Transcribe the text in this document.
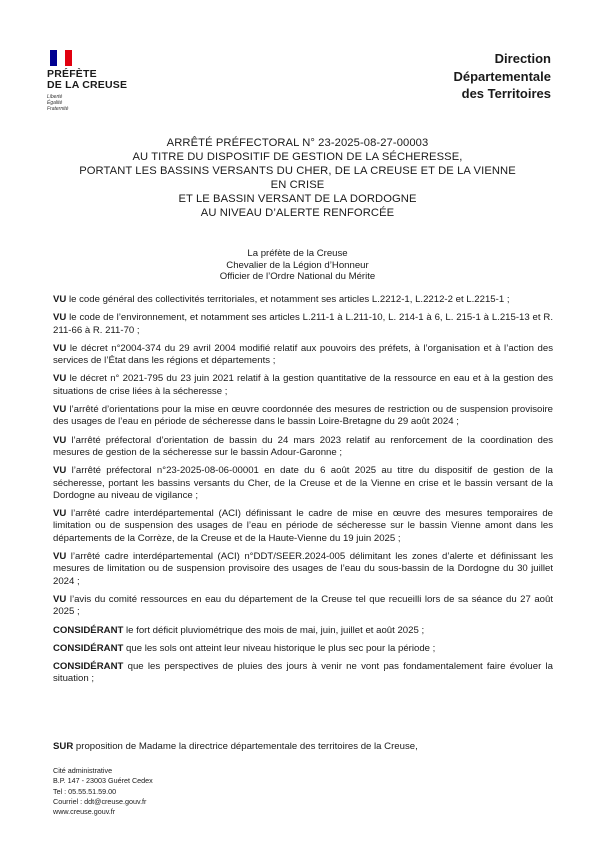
PRÉFÈTE
DE LA CREUSE
Liberté
Égalité
Fraternité
Direction
Départementale
des Territoires
ARRÊTÉ PRÉFECTORAL N° 23-2025-08-27-00003
AU TITRE DU DISPOSITIF DE GESTION DE LA SÉCHERESSE,
PORTANT LES BASSINS VERSANTS DU CHER, DE LA CREUSE ET DE LA VIENNE
EN CRISE
ET LE BASSIN VERSANT DE LA DORDOGNE
AU NIVEAU D’ALERTE RENFORCÉE
La préfète de la Creuse
Chevalier de la Légion d’Honneur
Officier de l’Ordre National du Mérite

VU le code général des collectivités territoriales, et notamment ses articles L.2212-1, L.2212-2 et L.2215-1 ;

VU le code de l’environnement, et notamment ses articles L.211-1 à L.211-10, L. 214-1 à 6, L. 215-1 à L.215-13 et R. 211-66 à R. 211-70 ;

VU le décret n°2004-374 du 29 avril 2004 modifié relatif aux pouvoirs des préfets, à l’organisation et à l’action des services de l’État dans les régions et départements ;

VU le décret n° 2021-795 du 23 juin 2021 relatif à la gestion quantitative de la ressource en eau et à la gestion des situations de crise liées à la sécheresse ;

VU l’arrêté d’orientations pour la mise en œuvre coordonnée des mesures de restriction ou de suspension provisoire des usages de l’eau en période de sécheresse dans le bassin Loire-Bretagne du 29 août 2024 ;

VU l’arrêté préfectoral d’orientation de bassin du 24 mars 2023 relatif au renforcement de la coordination des mesures de gestion de la sécheresse sur le bassin Adour-Garonne ;

VU l’arrêté préfectoral n°23-2025-08-06-00001 en date du 6 août 2025 au titre du dispositif de gestion de la sécheresse, portant les bassins versants du Cher, de la Creuse et de la Vienne en crise et le bassin versant de la Dordogne au niveau de vigilance ;

VU l’arrêté cadre interdépartemental (ACI) définissant le cadre de mise en œuvre des mesures temporaires de limitation ou de suspension des usages de l’eau en période de sécheresse sur le bassin Vienne amont dans les départements de la Corrèze, de la Creuse et de la Haute-Vienne du 19 juin 2025 ;

VU l’arrêté cadre interdépartemental (ACI) n°DDT/SEER.2024-005 délimitant les zones d’alerte et définissant les mesures de limitation ou de suspension provisoire des usages de l’eau du sous-bassin de la Dordogne du 30 juillet 2024 ;

VU l’avis du comité ressources en eau du département de la Creuse tel que recueilli lors de sa séance du 27 août 2025 ;

CONSIDÉRANT le fort déficit pluviométrique des mois de mai, juin, juillet et août 2025 ;

CONSIDÉRANT que les sols ont atteint leur niveau historique le plus sec pour la période ;

CONSIDÉRANT que les perspectives de pluies des jours à venir ne vont pas fondamentalement faire évoluer la situation ;

SUR proposition de Madame la directrice départementale des territoires de la Creuse,
Cité administrative
B.P. 147 - 23003 Guéret Cedex
Tel : 05.55.51.59.00
Courriel : ddt@creuse.gouv.fr
www.creuse.gouv.fr
